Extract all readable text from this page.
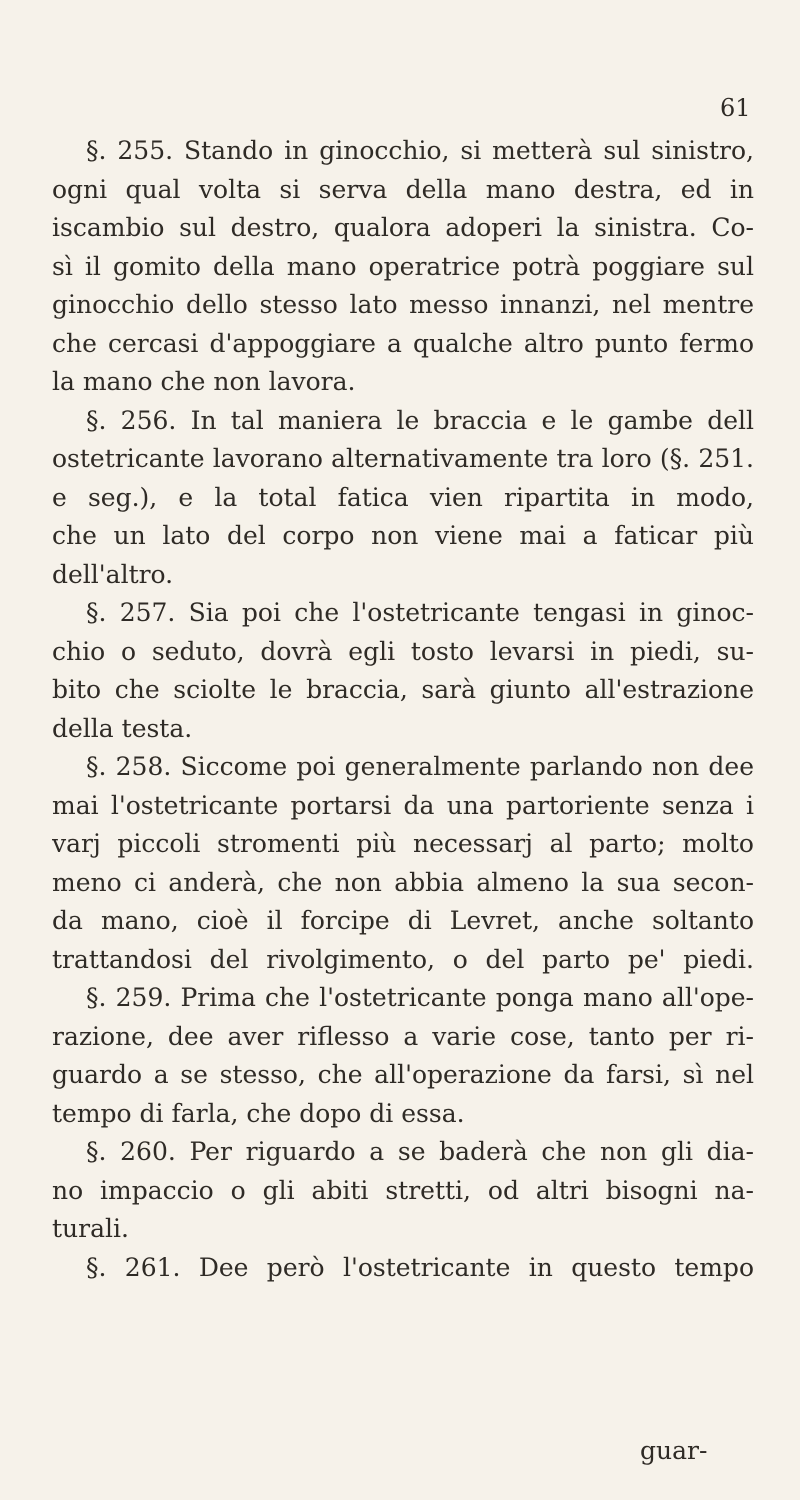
61
§. 255. Stando in ginocchio, si metterà sul sinistro,
ogni qual volta si serva della mano destra, ed in
iscambio sul destro, qualora adoperi la sinistra. Co-
sì il gomito della mano operatrice potrà poggiare sul
ginocchio dello stesso lato messo innanzi, nel mentre
che cercasi d'appoggiare a qualche altro punto fermo
la mano che non lavora.
§. 256. In tal maniera le braccia e le gambe dell
ostetricante lavorano alternativamente tra loro (§. 251.
e seg.), e la total fatica vien ripartita in modo,
che un lato del corpo non viene mai a faticar più
dell'altro.
§. 257. Sia poi che l'ostetricante tengasi in ginoc-
chio o seduto, dovrà egli tosto levarsi in piedi, su-
bito che sciolte le braccia, sarà giunto all'estrazione
della testa.
§. 258. Siccome poi generalmente parlando non dee
mai l'ostetricante portarsi da una partoriente senza i
varj piccoli stromenti più necessarj al parto; molto
meno ci anderà, che non abbia almeno la sua secon-
da mano, cioè il forcipe di Levret, anche soltanto
trattandosi del rivolgimento, o del parto pe' piedi.
§. 259. Prima che l'ostetricante ponga mano all'ope-
razione, dee aver riflesso a varie cose, tanto per ri-
guardo a se stesso, che all'operazione da farsi, sì nel
tempo di farla, che dopo di essa.
§. 260. Per riguardo a se baderà che non gli dia-
no impaccio o gli abiti stretti, od altri bisogni na-
turali.
§. 261. Dee però l'ostetricante in questo tempo
guar-
